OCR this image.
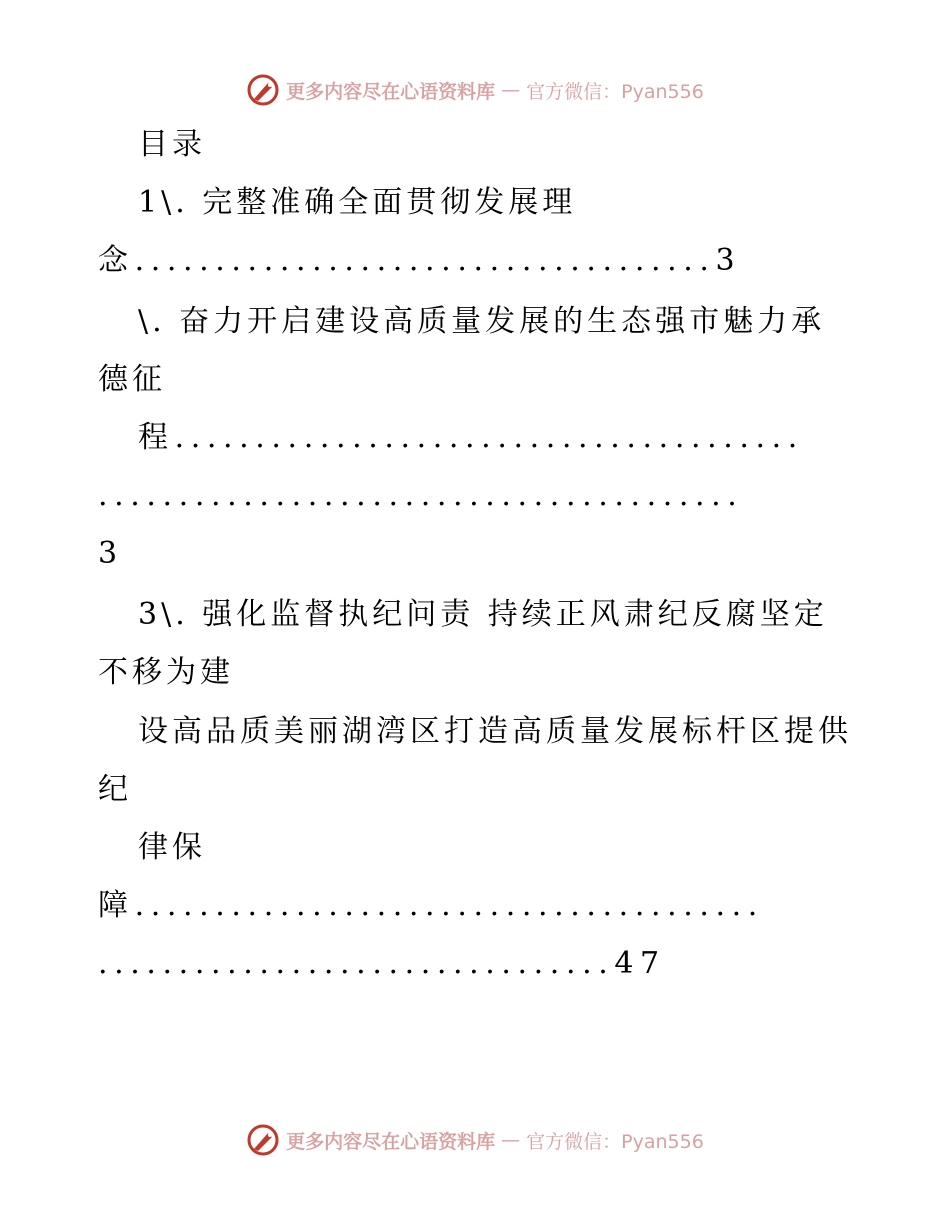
更多内容尽在心语资料库 — 官方微信：Pyan556
目录
1\. 完整准确全面贯彻发展理
念....................................3
\. 奋力开启建设高质量发展的生态强市魅力承
德征
程.......................................
........................................
3
3\. 强化监督执纪问责 持续正风肃纪反腐坚定
不移为建
设高品质美丽湖湾区打造高质量发展标杆区提供
纪
律保
障.......................................
................................47
更多内容尽在心语资料库 — 官方微信：Pyan556
